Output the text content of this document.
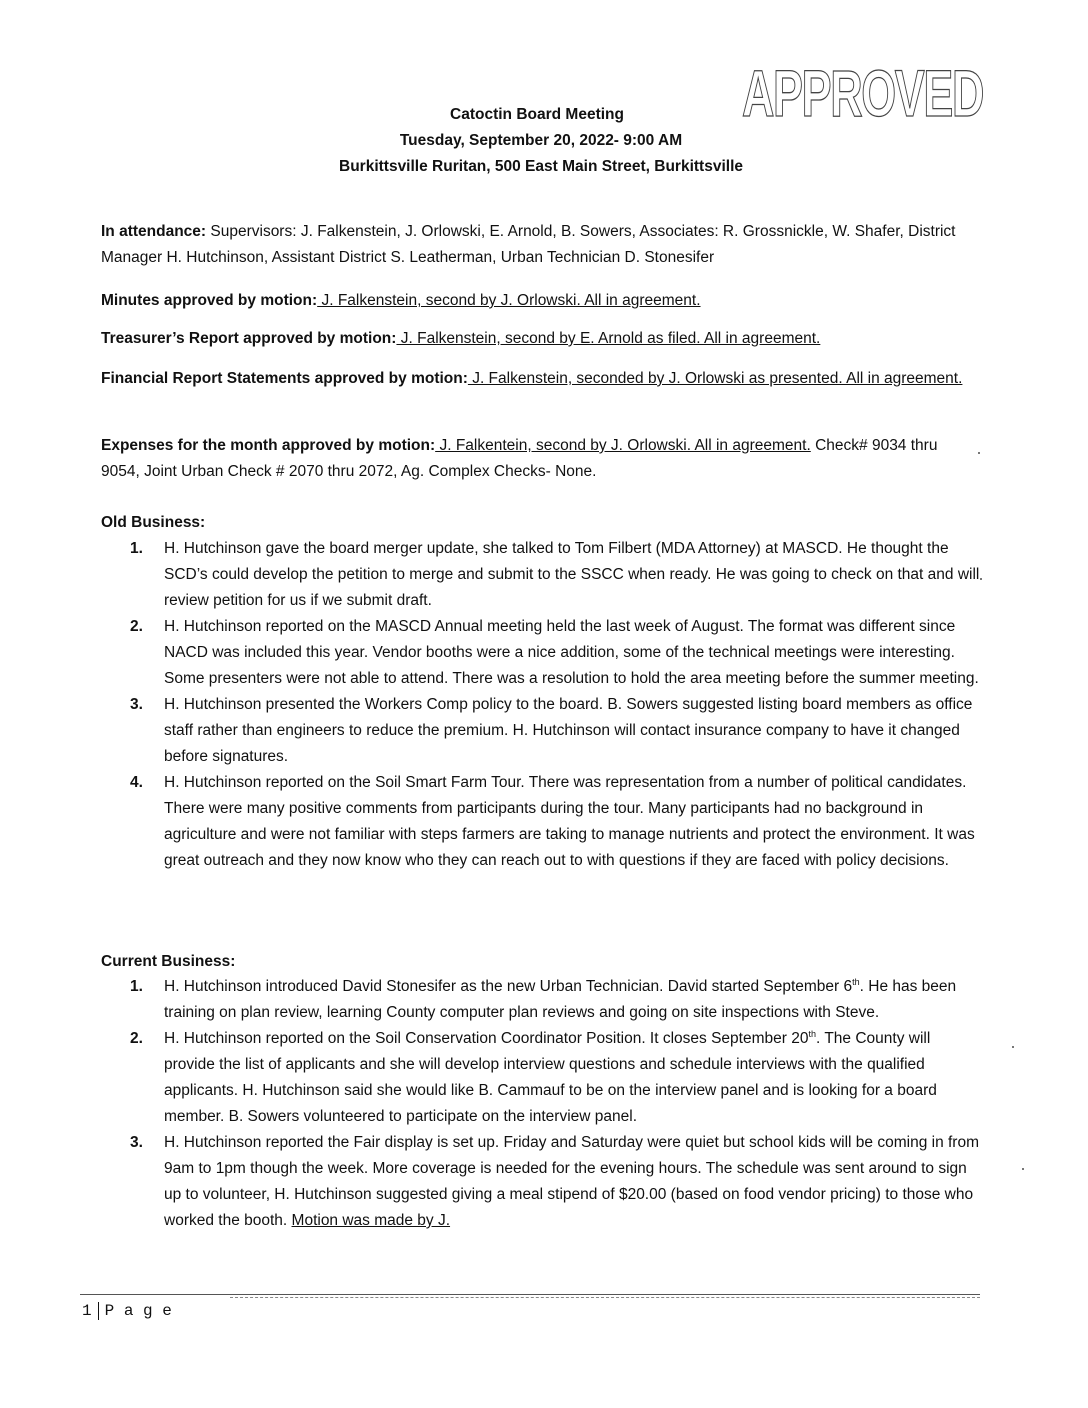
APPROVED
Catoctin Board Meeting
Tuesday, September 20, 2022- 9:00 AM
Burkittsville Ruritan, 500 East Main Street, Burkittsville
In attendance: Supervisors: J. Falkenstein, J. Orlowski, E. Arnold, B. Sowers, Associates: R. Grossnickle, W. Shafer, District Manager H. Hutchinson, Assistant District S. Leatherman, Urban Technician D. Stonesifer
Minutes approved by motion: J. Falkenstein, second by J. Orlowski. All in agreement.
Treasurer’s Report approved by motion: J. Falkenstein, second by E. Arnold as filed. All in agreement.
Financial Report Statements approved by motion: J. Falkenstein, seconded by J. Orlowski as presented. All in agreement.
Expenses for the month approved by motion: J. Falkentein, second by J. Orlowski. All in agreement. Check# 9034 thru 9054, Joint Urban Check # 2070 thru 2072, Ag. Complex Checks- None.
Old Business:
1. H. Hutchinson gave the board merger update, she talked to Tom Filbert (MDA Attorney) at MASCD. He thought the SCD’s could develop the petition to merge and submit to the SSCC when ready. He was going to check on that and will review petition for us if we submit draft.
2. H. Hutchinson reported on the MASCD Annual meeting held the last week of August. The format was different since NACD was included this year. Vendor booths were a nice addition, some of the technical meetings were interesting. Some presenters were not able to attend. There was a resolution to hold the area meeting before the summer meeting.
3. H. Hutchinson presented the Workers Comp policy to the board. B. Sowers suggested listing board members as office staff rather than engineers to reduce the premium. H. Hutchinson will contact insurance company to have it changed before signatures.
4. H. Hutchinson reported on the Soil Smart Farm Tour. There was representation from a number of political candidates. There were many positive comments from participants during the tour. Many participants had no background in agriculture and were not familiar with steps farmers are taking to manage nutrients and protect the environment. It was great outreach and they now know who they can reach out to with questions if they are faced with policy decisions.
Current Business:
1. H. Hutchinson introduced David Stonesifer as the new Urban Technician. David started September 6th. He has been training on plan review, learning County computer plan reviews and going on site inspections with Steve.
2. H. Hutchinson reported on the Soil Conservation Coordinator Position. It closes September 20th. The County will provide the list of applicants and she will develop interview questions and schedule interviews with the qualified applicants. H. Hutchinson said she would like B. Cammauf to be on the interview panel and is looking for a board member. B. Sowers volunteered to participate on the interview panel.
3. H. Hutchinson reported the Fair display is set up. Friday and Saturday were quiet but school kids will be coming in from 9am to 1pm though the week. More coverage is needed for the evening hours. The schedule was sent around to sign up to volunteer, H. Hutchinson suggested giving a meal stipend of $20.00 (based on food vendor pricing) to those who worked the booth. Motion was made by J.
1 P a g e
